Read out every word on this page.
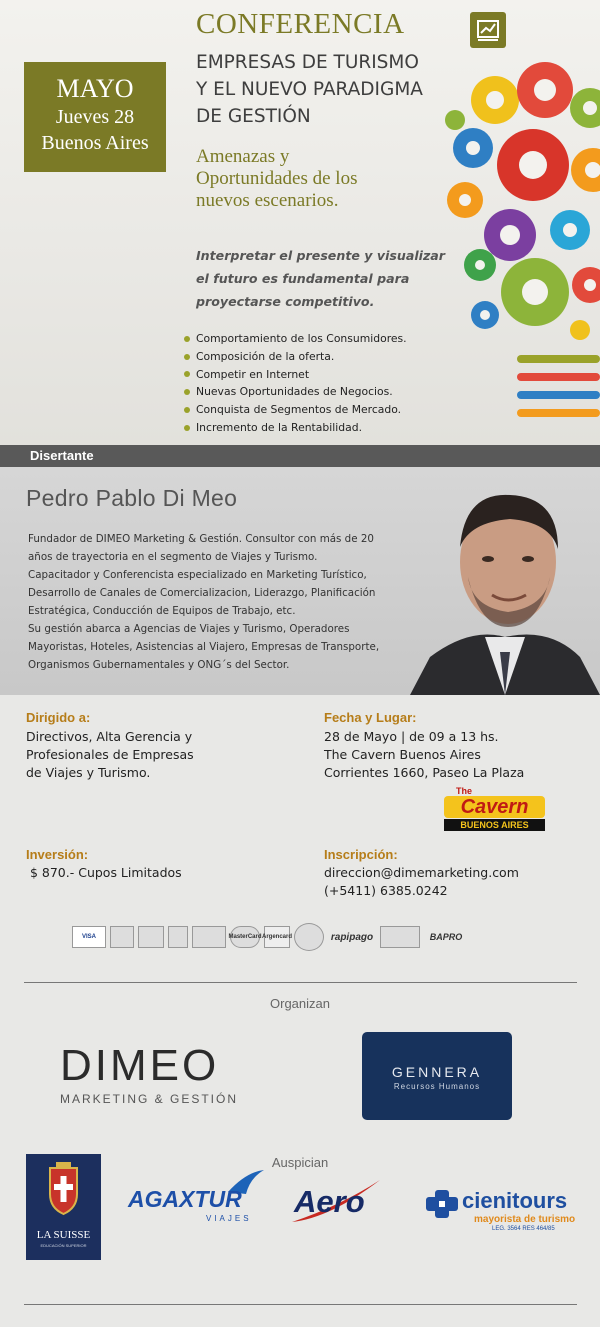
MAYO
Jueves 28
Buenos Aires
CONFERENCIA
EMPRESAS DE TURISMO
Y EL NUEVO PARADIGMA
DE GESTIÓN
Amenazas y
Oportunidades de los
nuevos escenarios.
Interpretar el presente y visualizar
el futuro es fundamental para
proyectarse competitivo.
Comportamiento de los Consumidores.
Composición de la oferta.
Competir en Internet
Nuevas Oportunidades de Negocios.
Conquista de Segmentos de Mercado.
Incremento de la Rentabilidad.
Disertante
Pedro Pablo Di Meo
Fundador de DIMEO Marketing & Gestión. Consultor con más de 20
años de trayectoria en el segmento de Viajes y Turismo.
Capacitador y Conferencista especializado en Marketing Turístico,
Desarrollo de Canales de Comercializacion, Liderazgo, Planificación
Estratégica, Conducción de Equipos de Trabajo, etc.
Su gestión abarca a Agencias de Viajes y Turismo, Operadores
Mayoristas, Hoteles, Asistencias al Viajero, Empresas de Transporte,
Organismos Gubernamentales y ONG´s del Sector.
Dirigido a:
Directivos, Alta Gerencia y
Profesionales de Empresas
de Viajes y Turismo.
Fecha y Lugar:
28 de Mayo | de 09 a 13 hs.
The Cavern Buenos Aires
Corrientes 1660, Paseo La Plaza
The
Cavern
BUENOS AIRES
Inversión:
$ 870.- Cupos Limitados
Inscripción:
direccion@dimemarketing.com
(+5411) 6385.0242
VISA	MasterCard Argencard	rapipago	BAPRO
Organizan
DIMEO
MARKETING & GESTIÓN
GENNERA
Recursos Humanos
Auspician
LA SUISSE
EDUCACIÓN SUPERIOR
AGAXTUR
VIAJES Aero	cienitours
mayorista de turismo
LEG. 3564 RES 464/85
